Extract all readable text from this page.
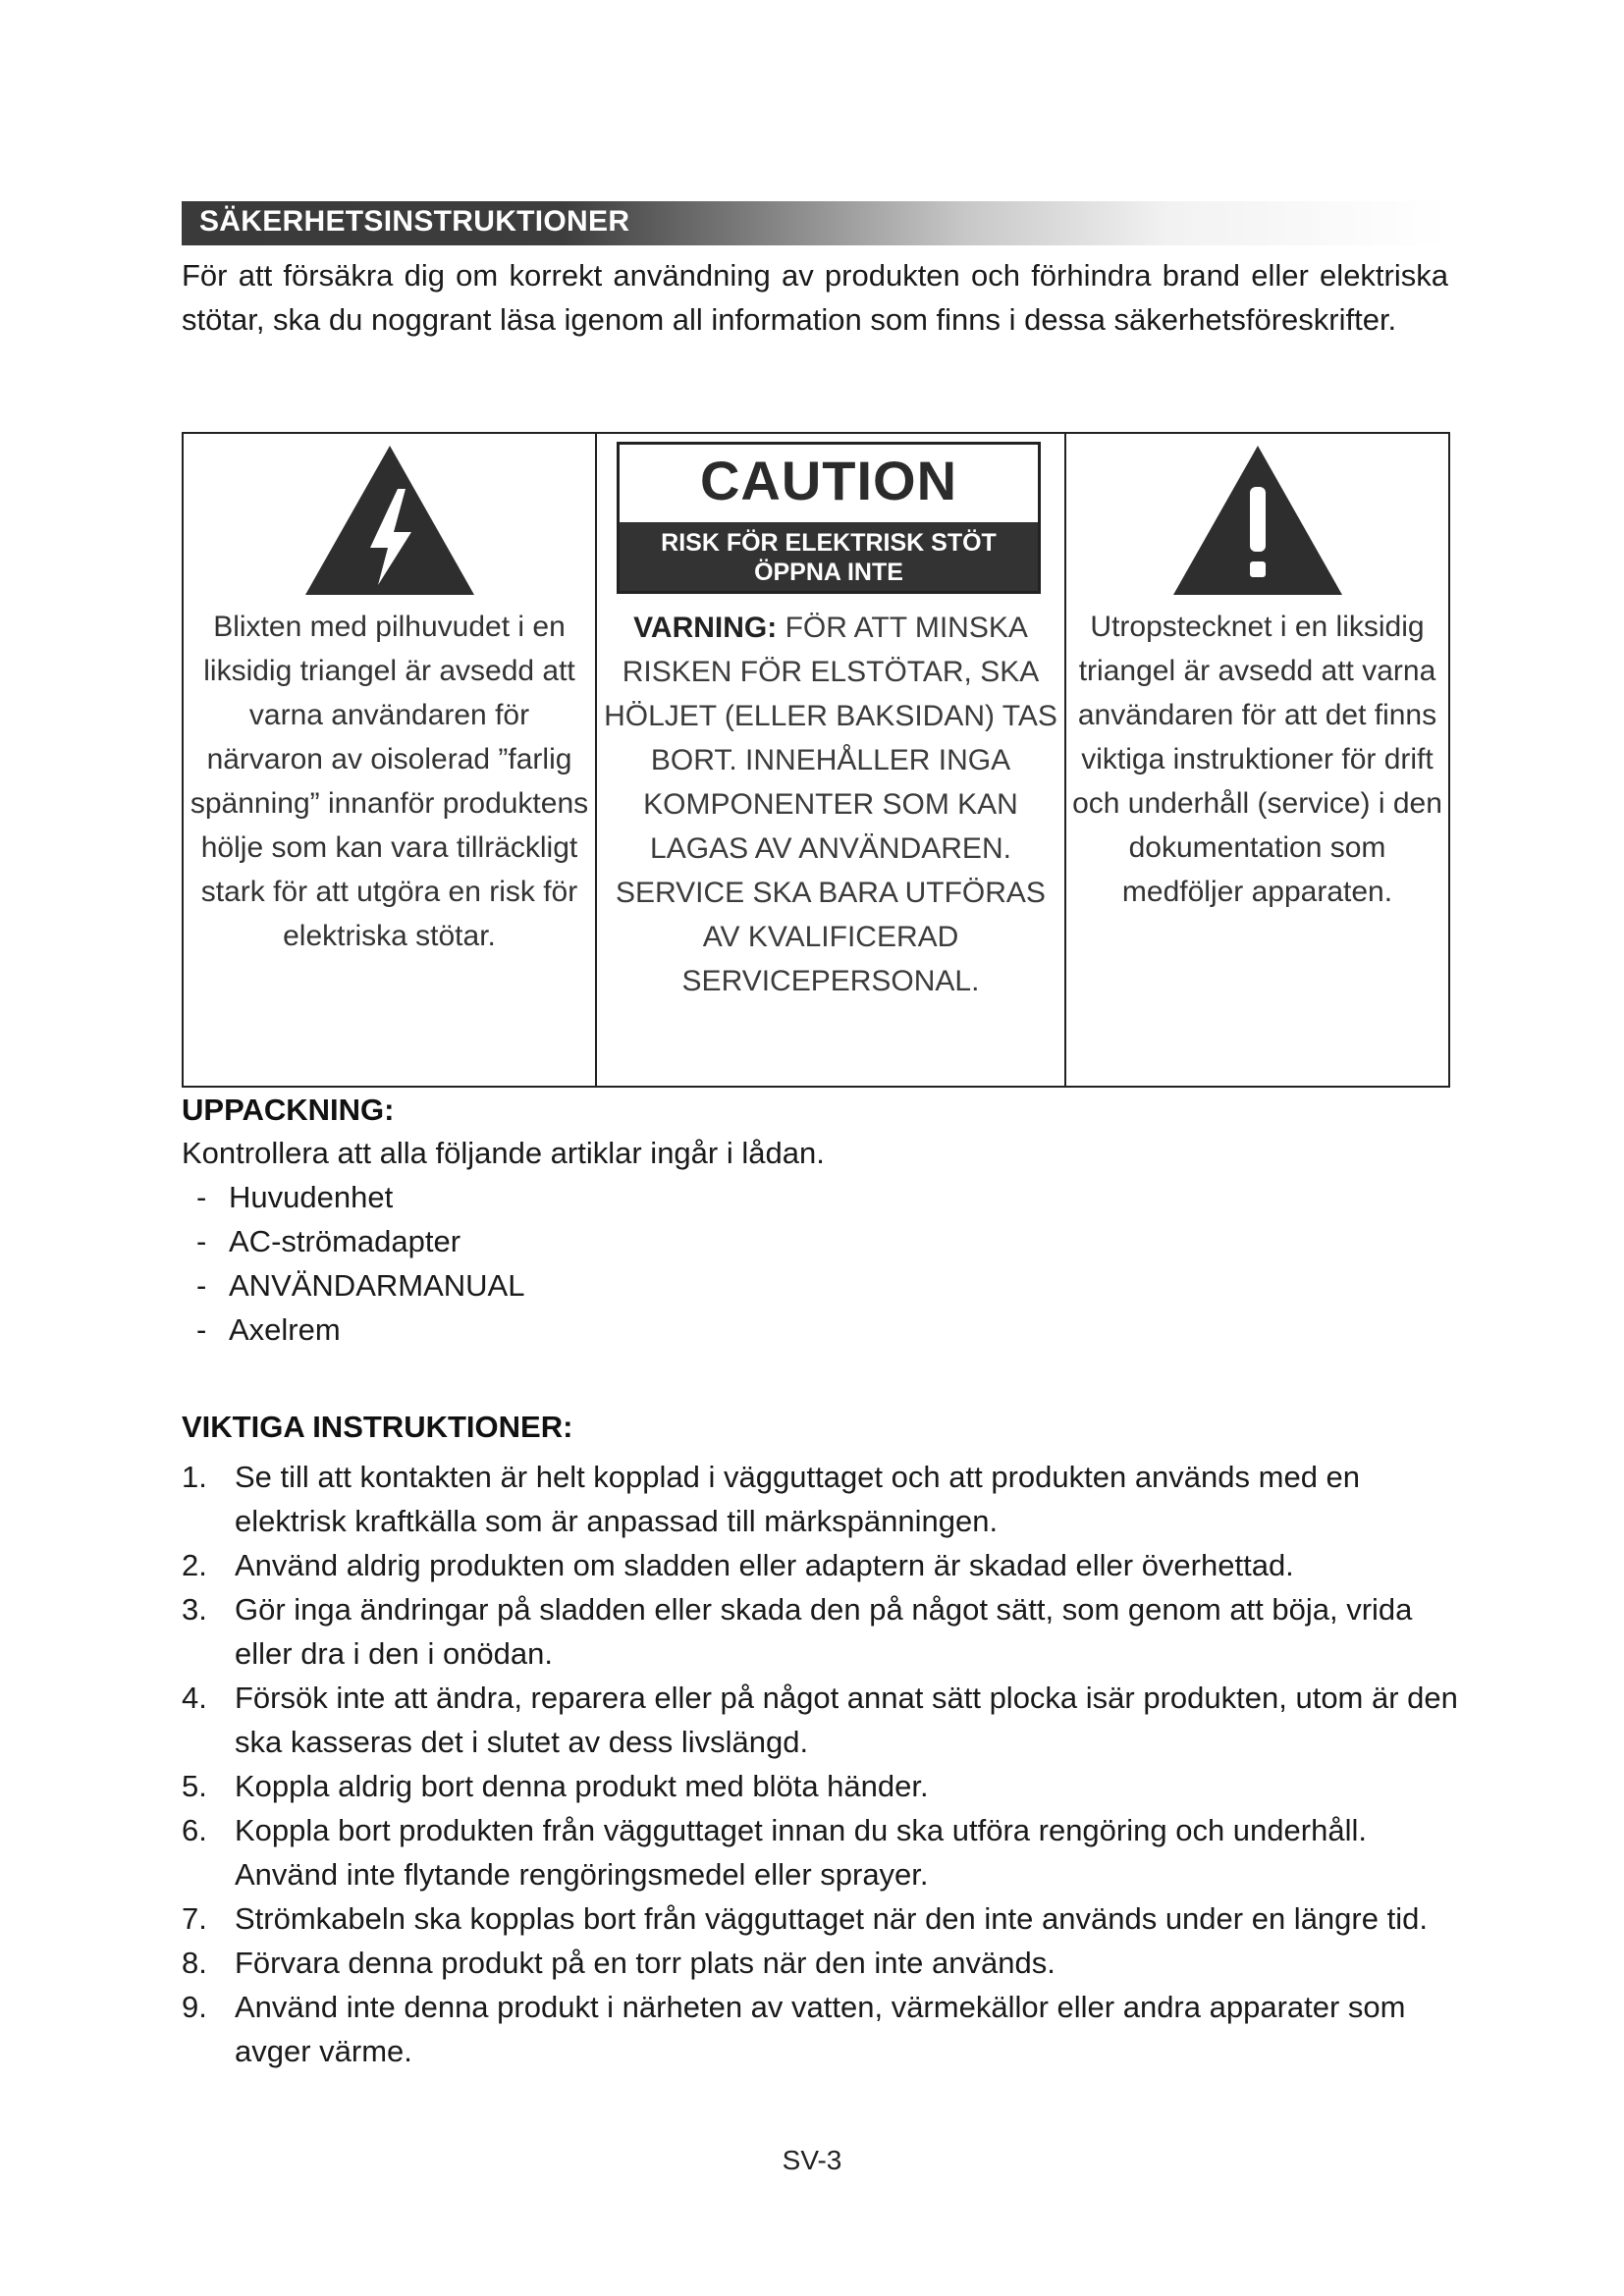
SÄKERHETSINSTRUKTIONER
För att försäkra dig om korrekt användning av produkten och förhindra brand eller elektriska stötar, ska du noggrant läsa igenom all information som finns i dessa säkerhetsföreskrifter.
Blixten med pilhuvudet i en liksidig triangel är avsedd att varna användaren för närvaron av oisolerad ”farlig spänning” innanför produktens hölje som kan vara tillräckligt stark för att utgöra en risk för elektriska stötar.
CAUTION
RISK FÖR ELEKTRISK STÖT
ÖPPNA INTE
VARNING: FÖR ATT MINSKA RISKEN FÖR ELSTÖTAR, SKA HÖLJET (ELLER BAKSIDAN) TAS BORT. INNEHÅLLER INGA KOMPONENTER SOM KAN LAGAS AV ANVÄNDAREN. SERVICE SKA BARA UTFÖRAS AV KVALIFICERAD SERVICEPERSONAL.
Utropstecknet i en liksidig triangel är avsedd att varna användaren för att det finns viktiga instruktioner för drift och underhåll (service) i den dokumentation som medföljer apparaten.
UPPACKNING:
Kontrollera att alla följande artiklar ingår i lådan.
- Huvudenhet
- AC-strömadapter
- ANVÄNDARMANUAL
- Axelrem
VIKTIGA INSTRUKTIONER:
1. Se till att kontakten är helt kopplad i vägguttaget och att produkten används med en elektrisk kraftkälla som är anpassad till märkspänningen.
2. Använd aldrig produkten om sladden eller adaptern är skadad eller överhettad.
3. Gör inga ändringar på sladden eller skada den på något sätt, som genom att böja, vrida eller dra i den i onödan.
4. Försök inte att ändra, reparera eller på något annat sätt plocka isär produkten, utom är den ska kasseras det i slutet av dess livslängd.
5. Koppla aldrig bort denna produkt med blöta händer.
6. Koppla bort produkten från vägguttaget innan du ska utföra rengöring och underhåll. Använd inte flytande rengöringsmedel eller sprayer.
7. Strömkabeln ska kopplas bort från vägguttaget när den inte används under en längre tid.
8. Förvara denna produkt på en torr plats när den inte används.
9. Använd inte denna produkt i närheten av vatten, värmekällor eller andra apparater som avger värme.
SV-3
